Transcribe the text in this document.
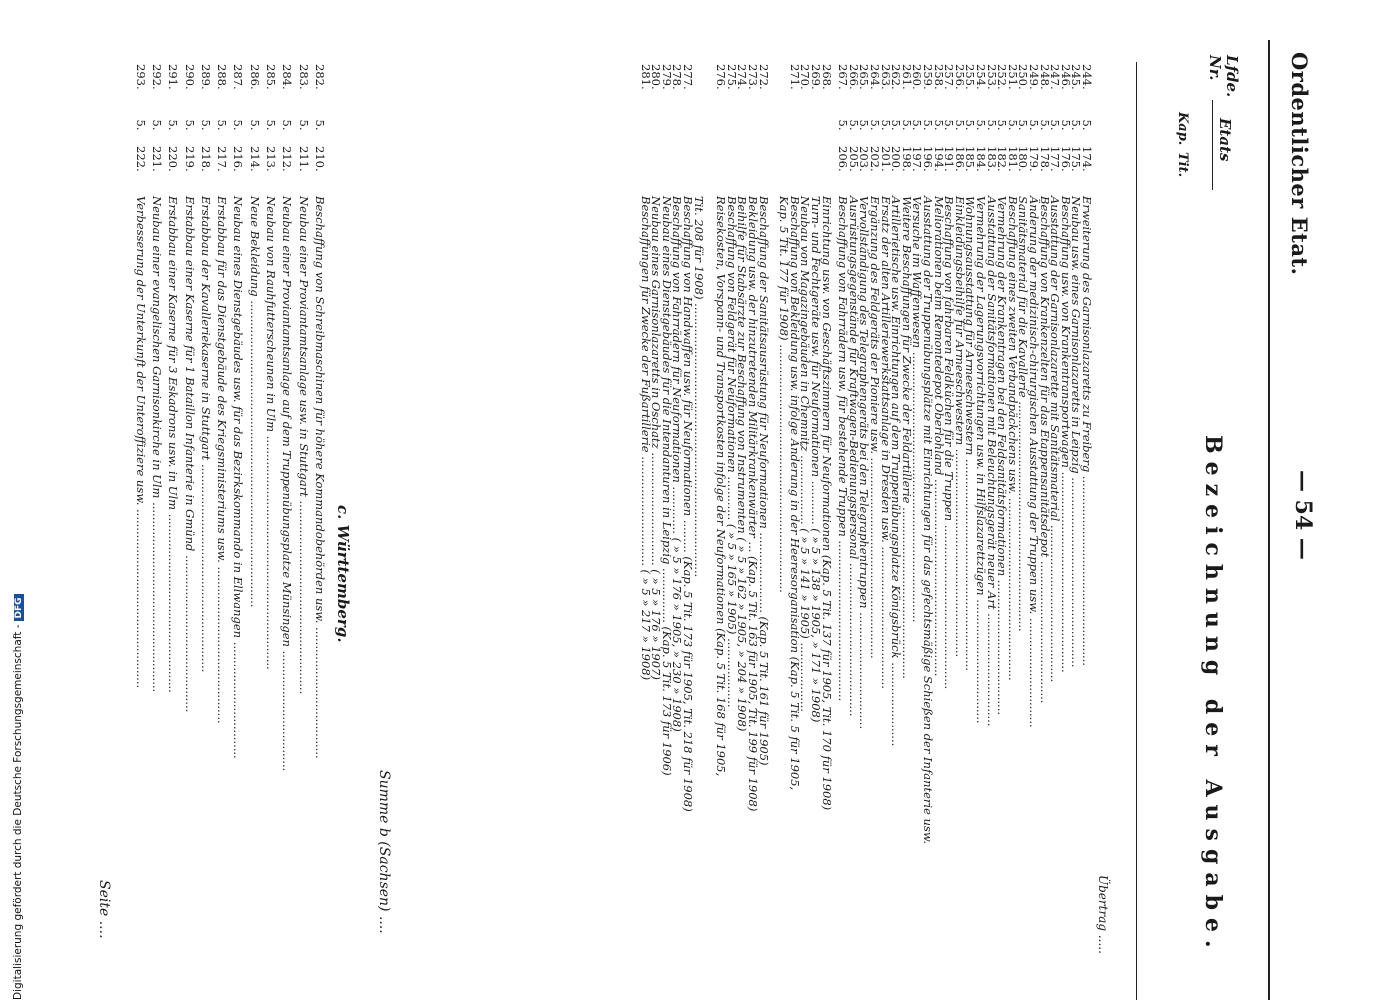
Digitalisierung gefördert durch die Deutsche Forschungsgemeinschaft -DFG
Ordentlicher Etat.
— 54 —
Bezeichnung der Ausgabe.
Lfde. Nr.
Etats
Kap.
Tit.
Übertrag .....
244.
5.
174.
Erweiterung des Garnisonlazaretts zu Freiberg ....................................................
245.
5.
175.
Neubau usw. eines Garnisonlazaretts in Leipzig ....................................................
246.
5.
176.
Beschaffung usw. von Krankentransportwagen .......................................................
247.
5.
177.
Ausstattung der Garnisonlazarette mit Sanitätsmaterial ...........................................
248.
5.
178.
Beschaffung von Krankenzelten für das Etappensanitätsdepot .......................................
249.
5.
179.
Änderung der medizinisch-chirurgischen Ausstattung der Truppen usw. ..............................
250.
5.
180.
Sanitätsmaterial für die Kavallerie ...............................................................
251.
5.
181.
Beschaffung eines zweiten Verbandpäckchens usw. ..................................................
252.
5.
182.
Vermehrung der Krankentragen bei den Feldsanitätsformationen .....................................
253.
5.
183.
Ausstattung der Sanitätsformationen mit Beleuchtungsgerät neuer Art ...............................
254.
5.
184.
Vermehrung der Lagerungsvorrichtungen usw. in Hilfslazarettzügen ..................................
255.
5.
185.
Wohnungsausstattung für Armeeschwestern ..........................................................
256.
5.
186.
Einkleidungsbeihilfe für Armeeschwestern .........................................................
257.
5.
191.
Beschaffung von fahrbaren Feldküchen für die Truppen .............................................
258.
5.
194.
Meliorationen beim Remontedepot Oberlohland ......................................................
259.
5.
196.
Ausstattung der Truppenübungsplätze mit Einrichtungen für das gefechtsmäßige Schießen der Infanterie usw.
260.
5.
197.
Versuche im Waffenwesen ..........................................................................
261.
5.
198.
Weitere Beschaffungen für Zwecke der Feldartillerie ...............................................
262.
5.
200.
Artillerietische usw. Einrichtungen auf dem Truppenübungsplatze Königsbrück .......................
263.
5.
201.
Ersatz der alten Artilleriewerkstattsanlage in Dresden usw. .......................................
264.
5.
202.
Ergänzung des Feldgeräts der Pioniere usw. .......................................................
265.
5.
203.
Vervollständigung des Telegraphengeräts bei den Telegraphentruppen ................................
266.
5.
205.
Ausrüstungsgegenstände für Kraftwagen-Bedienungspersonal ..........................................
267.
5.
206.
Beschaffung von Fahrrädern usw. für bestehende Truppen ............................................
268.
Einrichtung usw. von Geschäftszimmern für Neuformationen (Kap. 5 Tit. 137 für 1905, Tit. 170 für 1908)
269.
Turn- und Fechtgeräte usw. für Neuformationen ............ ( » 5 » 138 » 1905, » 171 » 1908)
270.
Neubau von Magazingebäuden in Chemnitz ................... ( » 5 » 141 » 1905) ...................
271.
Beschaffung von Bekleidung usw. infolge Änderung in der Heeresorganisation (Kap. 5 Tit. 5 für 1905,
Kap. 5 Tit. 177 für 1908) ....................................................................
272.
Beschaffung der Sanitätsausrüstung für Neuformationen ...................... (Kap. 5 Tit. 161 für 1905)
273.
Bekleidung usw. der hinzutretenden Militärkrankenwärter ... (Kap. 5 Tit. 163 für 1905, Tit. 199 für 1908)
274.
Beihilfe für Stabsärzte zur Beschaffung von Instrumenten ( » 5 » 162 » 1905, » 204 » 1908)
275.
Beschaffung von Feldgerät für Neuformationen ............ ( » 5 » 165 » 1905) ...................
276.
Reisekosten, Vorspann- und Transportkosten infolge der Neuformationen (Kap. 5 Tit. 168 für 1905,
Tit. 208 für 1908) ...........................................................................
277.
Beschaffung von Handwaffen usw. für Neuformationen ......... (Kap. 5 Tit. 173 für 1905, Tit. 218 für 1908)
278.
Beschaffung von Fahrrädern für Neuformationen ............. ( » 5 » 176 » 1905, » 230 » 1908)
279.
Neubau eines Dienstgebäudes für die Intendanturen in Leipzig ............... (Kap. 5 Tit. 173 für 1906)
280.
Neubau eines Garnisonlazaretts in Oschatz ............................... ( » 5 » 176 » 1907)
281.
Beschaffungen für Zwecke der Fußartillerie .............................. ( » 5 » 217 » 1908)
Summe b (Sachsen) ....
c. Württemberg.
282.
5.
210.
Beschaffung von Schreibmaschinen für höhere Kommandobehörden usw. ....................................
283.
5.
211.
Neubau einer Proviantamtsanlage usw. in Stuttgart .....................................................
284.
5.
212.
Neubau einer Proviantamtsanlage auf dem Truppenübungsplatze Münsingen .................................
285.
5.
213.
Neubau von Rauhfutterscheunen in Ulm ................................................................
286.
5.
214.
Neue Bekleidung ....................................................................................
287.
5.
216.
Neubau eines Dienstgebäudes usw. für das Bezirkskommando in Ellwangen ................................
288.
5.
217.
Erstabbau für das Dienstgebäude des Kriegsministeriums usw. ...........................................
289.
5.
218.
Erstabbau der Kavalleriekaserne in Stuttgart .........................................................
290.
5.
219.
Erstabbau einer Kaserne für 1 Bataillon Infanterie in Gmünd ...........................................
291.
5.
220.
Erstabbau einer Kaserne für 3 Eskadrons usw. in Ulm .................................................
292.
5.
221.
Neubau einer evangelischen Garnisonkirche in Ulm ....................................................
293.
5.
222.
Verbesserung der Unterkunft der Unteroffiziere usw. .................................................
Seite ....
